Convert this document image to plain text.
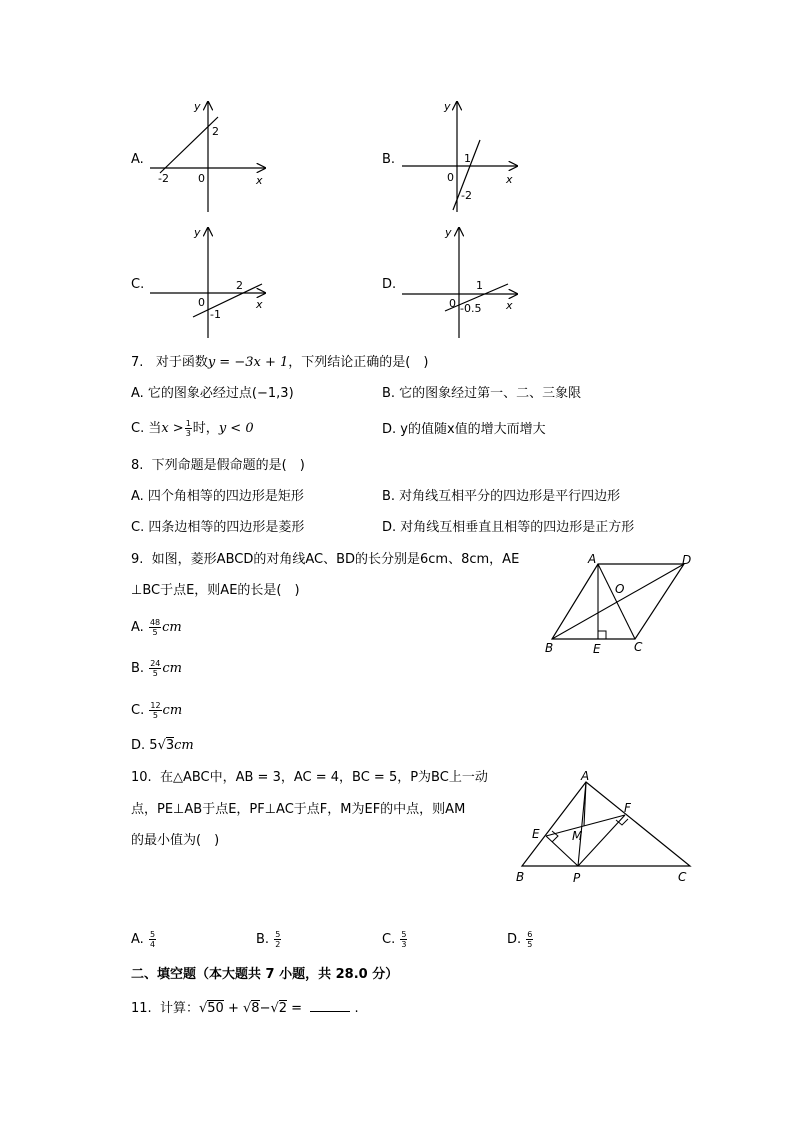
A.
y
x
0
2
-2
B.
y
x
0
1
-2
C.
y
x
0
2
-1
D.
y
x
0
1
-0.5
7. 对于函数y = −3x + 1，下列结论正确的是(　)
A. 它的图象必经过点(−1,3)	B. 它的图象经过第一、二、三象限
C. 当$x > \frac{1}{3}$ 时，y < 0	D. y的值随x值的增大而增大
8. 下列命题是假命题的是(　)
A. 四个角相等的四边形是矩形	B. 对角线互相平分的四边形是平行四边形
C. 四条边相等的四边形是菱形	D. 对角线互相垂直且相等的四边形是正方形
9. 如图，菱形ABCD的对角线AC、BD的长分别是6cm、8cm，AE
⊥BC于点E，则AE的长是(　)
A. $\frac{48}{5}$ cm
B. $\frac{24}{5}$ cm
C. $\frac{12}{5}$ cm
D. 5√3cm
A	D
O
B	E	C
10. 在△ABC中，AB = 3，AC = 4，BC = 5，P为BC上一动
点，PE⊥AB于点E，PF⊥AC于点F，M为EF的中点，则AM
的最小值为(　)
A
F
E	M
B	P	C
A. $\frac{5}{4}$	B. $\frac{5}{2}$	C. $\frac{5}{3}$	D. $\frac{6}{5}$
二、填空题（本大题共 7 小题，共 28.0 分）
11. 计算：√50 + √8−√2 =	.
